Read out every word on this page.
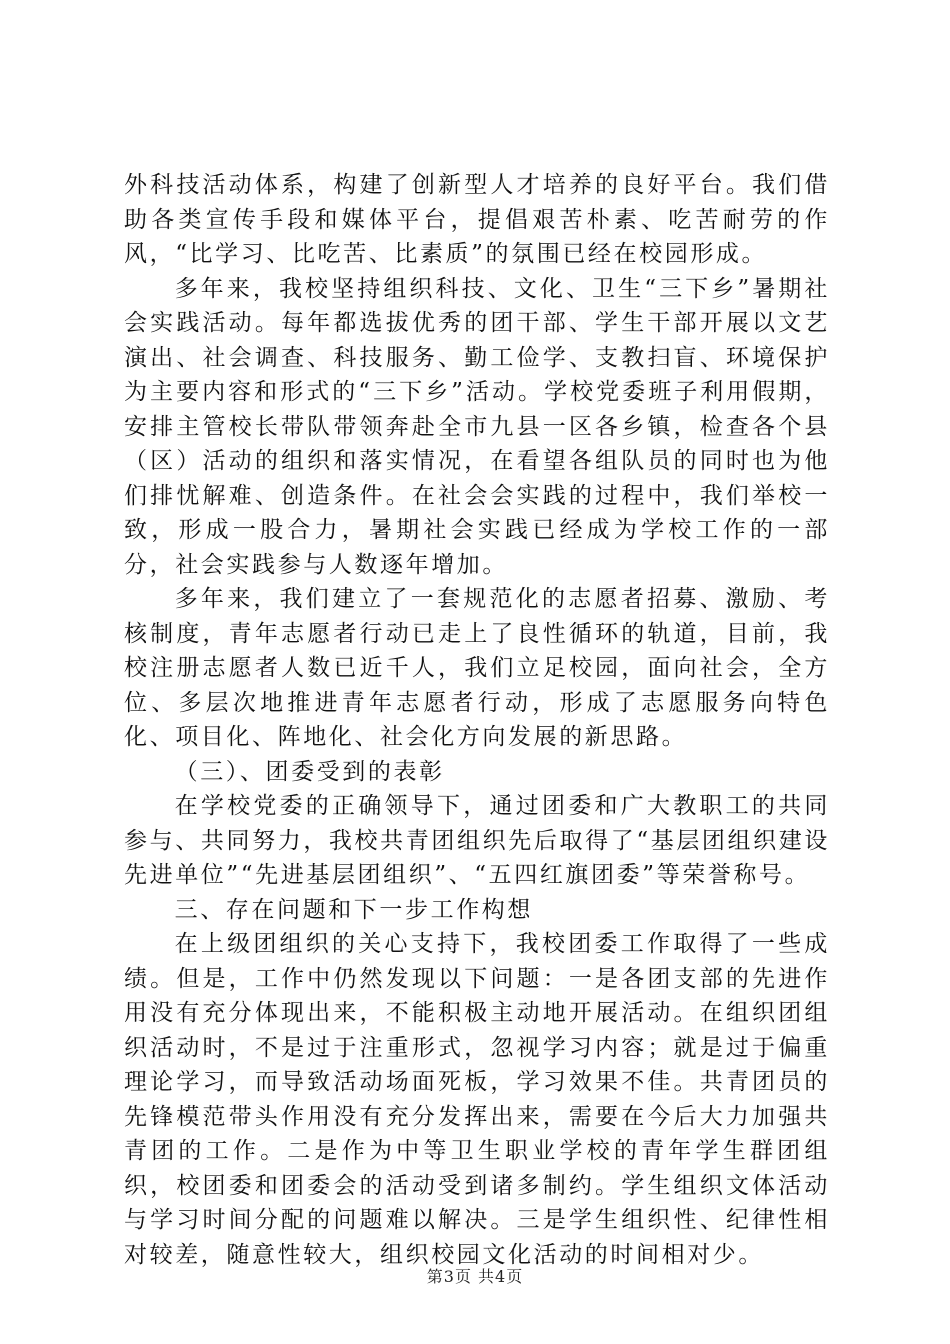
外科技活动体系，构建了创新型人才培养的良好平台。我们借助各类宣传手段和媒体平台，提倡艰苦朴素、吃苦耐劳的作风，“比学习、比吃苦、比素质”的氛围已经在校园形成。

多年来，我校坚持组织科技、文化、卫生“三下乡”暑期社会实践活动。每年都选拔优秀的团干部、学生干部开展以文艺演出、社会调查、科技服务、勤工俭学、支教扫盲、环境保护为主要内容和形式的“三下乡”活动。学校党委班子利用假期，安排主管校长带队带领奔赴全市九县一区各乡镇，检查各个县（区）活动的组织和落实情况，在看望各组队员的同时也为他们排忧解难、创造条件。在社会会实践的过程中，我们举校一致，形成一股合力，暑期社会实践已经成为学校工作的一部分，社会实践参与人数逐年增加。

多年来，我们建立了一套规范化的志愿者招募、激励、考核制度，青年志愿者行动已走上了良性循环的轨道，目前，我校注册志愿者人数已近千人，我们立足校园，面向社会，全方位、多层次地推进青年志愿者行动，形成了志愿服务向特色化、项目化、阵地化、社会化方向发展的新思路。

（三）、团委受到的表彰

在学校党委的正确领导下，通过团委和广大教职工的共同参与、共同努力，我校共青团组织先后取得了“基层团组织建设先进单位”“先进基层团组织”、“五四红旗团委”等荣誉称号。

三、存在问题和下一步工作构想

在上级团组织的关心支持下，我校团委工作取得了一些成绩。但是，工作中仍然发现以下问题：一是各团支部的先进作用没有充分体现出来，不能积极主动地开展活动。在组织团组织活动时，不是过于注重形式，忽视学习内容；就是过于偏重理论学习，而导致活动场面死板，学习效果不佳。共青团员的先锋模范带头作用没有充分发挥出来，需要在今后大力加强共青团的工作。二是作为中等卫生职业学校的青年学生群团组织，校团委和团委会的活动受到诸多制约。学生组织文体活动与学习时间分配的问题难以解决。三是学生组织性、纪律性相对较差，随意性较大，组织校园文化活动的时间相对少。

第3页 共4页
